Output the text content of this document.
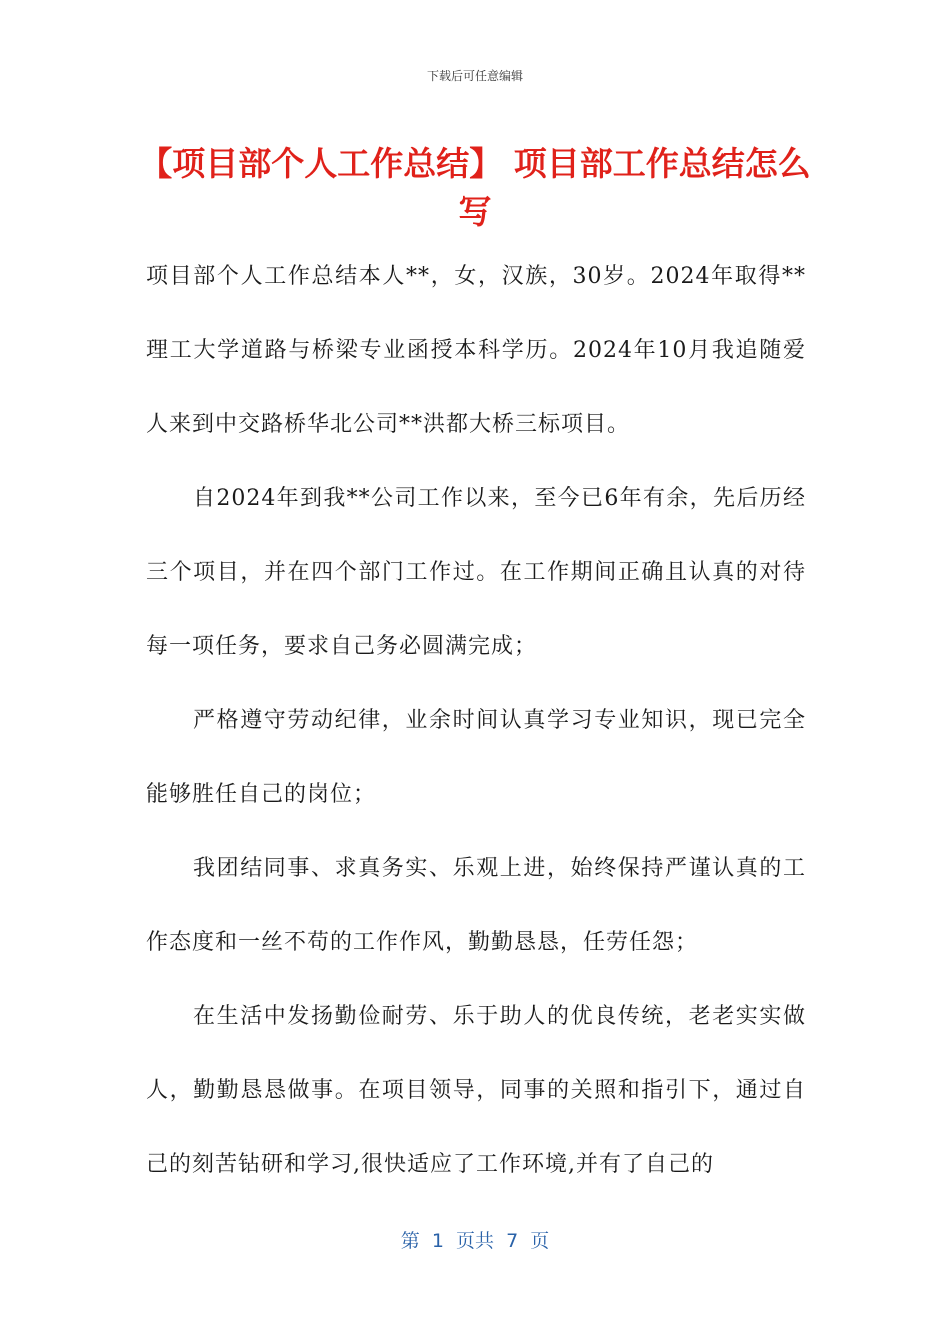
下载后可任意编辑
【项目部个人工作总结】 项目部工作总结怎么写

项目部个人工作总结本人**，女，汉族，30岁。2024年取得**理工大学道路与桥梁专业函授本科学历。2024年10月我追随爱人来到中交路桥华北公司**洪都大桥三标项目。

自2024年到我**公司工作以来，至今已6年有余，先后历经三个项目，并在四个部门工作过。在工作期间正确且认真的对待每一项任务，要求自己务必圆满完成；

严格遵守劳动纪律，业余时间认真学习专业知识，现已完全能够胜任自己的岗位；

我团结同事、求真务实、乐观上进，始终保持严谨认真的工作态度和一丝不苟的工作作风，勤勤恳恳，任劳任怨；

在生活中发扬勤俭耐劳、乐于助人的优良传统，老老实实做人，勤勤恳恳做事。在项目领导，同事的关照和指引下，通过自己的刻苦钻研和学习,很快适应了工作环境,并有了自己的

第  1  页共  7  页
